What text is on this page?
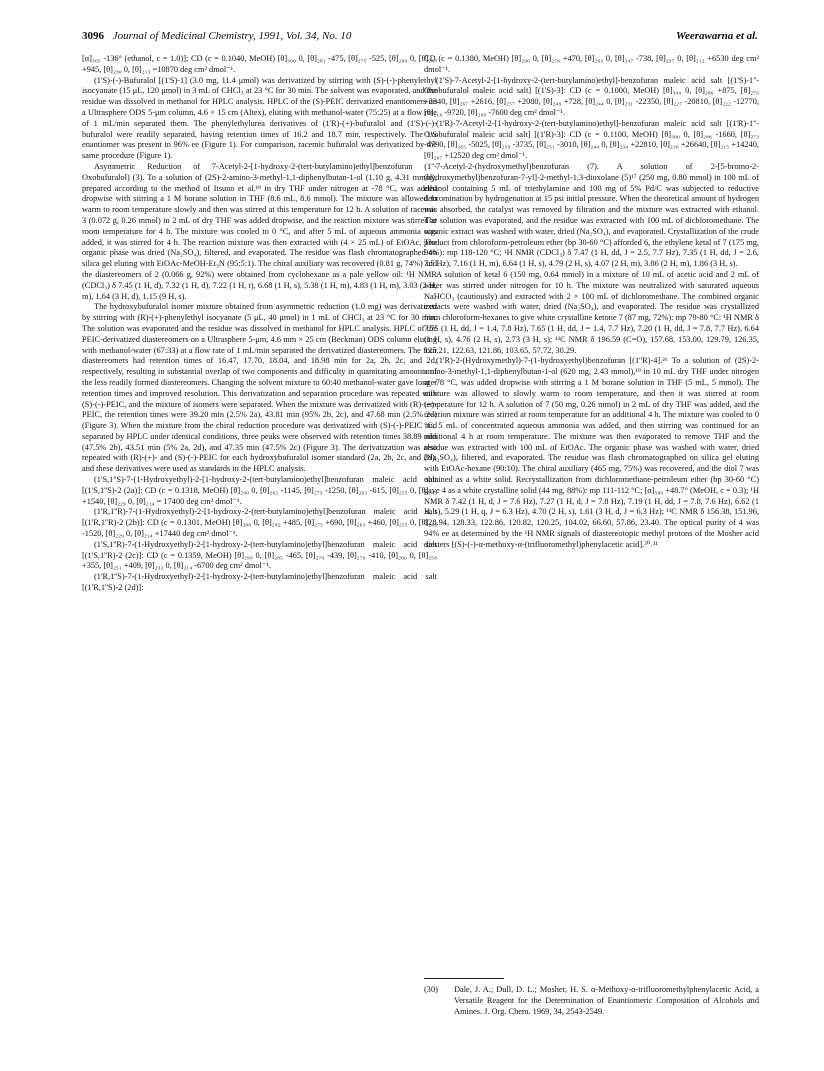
3096 Journal of Medicinal Chemistry, 1991, Vol. 34, No. 10	Weerawarna et al.

[α]₃₆₅ -136° (ethanol, c = 1.0)]; CD (c = 0.1040, MeOH) [θ]₃₀₀ 0, [θ]₂₈₁ -475, [θ]₂₇₅ -525, [θ]₂₆₀ 0, [θ]₂₄₃ +945, [θ]₂₃₀ 0, [θ]₂₁₃ =10870 deg cm² dmol⁻¹.

(1'S)-(-)-Bufuralol [(1'S)-1] (3.0 mg, 11.4 μmol) was derivatized by stirring with (S)-(-)-phenylethyl isocyanate (15 μL, 120 μmol) in 3 mL of CHCl₃ at 23 °C for 30 min. The solvent was evaporated, and the residue was dissolved in methanol for HPLC analysis. HPLC of the (S)-PEIC derivatized enantiomers on a Ultrasphere ODS 5-μm column, 4.6 × 15 cm (Altex), eluting with methanol-water (75:25) at a flow rate of 1 mL/min separated them. The phenylethylurea derivatives of (1'R)-(+)-bufuralol and (1'S)-(-)-bufuralol were readily separated, having retention times of 16.2 and 18.7 min, respectively. The 1'S enantiomer was present in 96% ee (Figure 1). For comparison, racemic bufuralol was derivatized by the same procedure (Figure 1).

Asymmetric Reduction of 7-Acetyl-2-[1-hydroxy-2-(tert-butylamino)ethyl]benzofuran (1''-Oxobufuralol) (3). To a solution of (2S)-2-amino-3-methyl-1,1-diphenylbutan-1-ol (1.10 g, 4.31 mmol), prepared according to the method of Itsuno et al.¹⁹ in dry THF under nitrogen at -78 °C, was added dropwise with stirring a 1 M borane solution in THF (8.6 mL, 8.6 mmol). The mixture was allowed to warm to room temperature slowly and then was stirred at this temperature for 12 h. A solution of racemic 3 (0.072 g, 0.26 mmol) in 2 mL of dry THF was added dropwise, and the reaction mixture was stirred at room temperature for 4 h. The mixture was cooled to 0 °C, and after 5 mL of aqueous ammonia was added, it was stirred for 4 h. The reaction mixture was then extracted with (4 × 25 mL) of EtOAc. The organic phase was dried (Na₂SO₄), filtered, and evaporated. The residue was flash chromatographed on silica gel eluting with EtOAc-MeOH-Et₃N (95:5:1). The chiral auxiliary was recovered (0.81 g, 74%) and the diastereomers of 2 (0.066 g, 92%) were obtained from cyclohexane as a pale yellow oil: ¹H NMR (CDCl₃) δ 7.45 (1 H, d), 7.32 (1 H, d), 7.22 (1 H, t), 6.68 (1 H, s), 5.38 (1 H, m), 4.83 (1 H, m), 3.03 (2 H, m), 1.64 (3 H, d), 1.15 (9 H, s).

The hydroxybufuralol isomer mixture obtained from asymmetric reduction (1.0 mg) was derivatized by stirring with (R)-(+)-phenylethyl isocyanate (5 μL, 40 μmol) in 1 mL of CHCl₃ at 23 °C for 30 min. The solution was evaporated and the residue was dissolved in methanol for HPLC analysis. HPLC of the PEIC-derivatized diastereomers on a Ultrasphere 5-μm, 4.6 mm × 25 cm (Beckman) ODS column eluting with methanol-water (67:33) at a flow rate of 1 mL/min separated the derivatized diastereomers. The four diastereomers had retention times of 16.47, 17.70, 18.04, and 18.98 min for 2a, 2b, 2c, and 2d, respectively, resulting in substantial overlap of two components and difficulty in quantitating amounts of the less readily formed diastereomers. Changing the solvent mixture to 60:40 methanol-water gave longer retention times and improved resolution. This derivatization and separation procedure was repeated with (S)-(-)-PEIC, and the mixture of isomers were separated. When the mixture was derivatized with (R)-(+)-PEIC, the retention times were 39.20 min (2.5% 2a), 43.81 min (95% 2b, 2c), and 47.68 min (2.5% 2d) (Figure 3). When the mixture from the chiral reduction procedure was derivatized with (S)-(-)-PEIC and separated by HPLC under identical conditions, three peaks were observed with retention times 38.89 min (47.5% 2b), 43.51 min (5% 2a, 2d), and 47.35 min (47.5% 2c) (Figure 3). The derivatization was also repeated with (R)-(+)- and (S)-(-)-PEIC for each hydroxybufuralol isomer standard (2a, 2b, 2c, and 2d), and these derivatives were used as standards in the HPLC analysis.

(1'S,1''S)-7-(1-Hydroxyethyl)-2-[1-hydroxy-2-(tert-butylamino)ethyl]benzofuran maleic acid salt [(1'S,1''S)-2 (2a)]: CD (c = 0.1318, MeOH) [θ]₂₉₀ 0, [θ]₂₈₂ -1145, [θ]₂₇₃ -1250, [θ]₂₆₃ -615, [θ]₂₅₅ 0, [θ]₂₄₃ +1540, [θ]₂₂₉ 0, [θ]₂₁₄ = 17400 deg cm² dmol⁻¹.

(1'R,1''R)-7-(1-Hydroxyethyl)-2-[1-hydroxy-2-(tert-butylamino)ethyl]benzofuran maleic acid salt [(1'R,1''R)-2 (2b)]: CD (c = 0.1301, MeOH) [θ]₃₀₀ 0, [θ]₂₈₂ +485, [θ]₂₇₅ +690, [θ]₂₆₃ +460, [θ]₂₅₅ 0, [θ]₂₄₃ -1520, [θ]₂₂₉ 0, [θ]₂₁₄ +17440 deg cm² dmol⁻¹.

(1'S,1''R)-7-(1-Hydroxyethyl)-2-[1-hydroxy-2-(tert-butylamino)ethyl]benzofuran maleic acid salt [(1'S,1''R)-2 (2c)]: CD (c = 0.1359, MeOH) [θ]₂₉₀ 0, [θ]₂₈₅ -465, [θ]₂₇₉ -439, [θ]₂₇₀ -410, [θ]₂₆₀ 0, [θ]₂₅₈ +355, [θ]₂₅₁ +409, [θ]₂₃₂ 0, [θ]₂₁₄ -6700 deg cm² dmol⁻¹.

(1'R,1''S)-7-(1-Hydroxyethyl)-2-[1-hydroxy-2-(tert-butylamino)ethyl]benzofuran maleic acid salt [(1'R,1''S)-2 (2d)]:

CD (c = 0.1380, MeOH) [θ]₂₉₀ 0, [θ]₂₇₆ +470, [θ]₂₆₃ 0, [θ]₂₄₇ -738, [θ]₂₃₇ 0, [θ]₂₁₂ +6530 deg cm² dmol⁻¹.

(1'S)-7-Acetyl-2-[1-hydroxy-2-(tert-butylamino)ethyl]-benzofuran maleic acid salt [(1'S)-1''-Oxobufuralol maleic acid salt] [(1'S)-3]: CD (c = 0.1000, MeOH) [θ]₃₀₀ 0, [θ]₂₈₆ +875, [θ]₂₇₆ +2340, [θ]₂₆₇ +2616, [θ]₂₅₇ +2080, [θ]₂₄₉ +728, [θ]₂₄₄ 0, [θ]₂₃₁ -22350, [θ]₂₂₇ -20810, [θ]₂₂₂ -12770, [θ]₂₁₈ -9720, [θ]₂₀₉ -7600 deg cm² dmol⁻¹.

(1'R)-7-Acetyl-2-[1-hydroxy-2-(tert-butylamino)ethyl]-benzofuran maleic acid salt [(1'R)-1''-Oxobufuralol maleic acid salt] [(1'R)-3]: CD (c = 0.1100, MeOH) [θ]₃₀₀ 0, [θ]₂₈₈ -1660, [θ]₂₇₃ -4790, [θ]₂₆₅ -5025, [θ]₂₅₉ -3735, [θ]₂₅₁ -3010, [θ]₂₄₄ 0, [θ]₂₃₄ +22810, [θ]₂₂₆ +26640, [θ]₂₁₅ +14240, [θ]₂₀₇ +12520 deg cm² dmol⁻¹.

7-Acetyl-2-(hydroxymethyl)benzofuran (7). A solution of 2-[5-bromo-2-(hydroxymethyl)benzofuran-7-yl]-2-methyl-1,3-dioxolane (5)¹⁷ (250 mg, 0.80 mmol) in 100 mL of ethanol containing 5 mL of triethylamine and 100 mg of 5% Pd/C was subjected to reductive debromination by hydrogenation at 15 psi initial pressure. When the theoretical amount of hydrogen was absorbed, the catalyst was removed by filtration and the mixture was extracted with ethanol. The solution was evaporated, and the residue was extracted with 100 mL of dichloromethane. The organic extract was washed with water, dried (Na₂SO₄), and evaporated. Crystallization of the crude product from chloroform-petroleum ether (bp 30-60 °C) afforded 6, the ethylene ketal of 7 (175 mg, 94%): mp 118-120 °C; ¹H NMR (CDCl₃) δ 7.47 (1 H, dd, J = 2.5, 7.7 Hz), 7.35 (1 H, dd, J = 2.6, 7.5 Hz), 7.16 (1 H, m), 6.64 (1 H, s), 4.79 (2 H, s), 4.07 (2 H, m), 3.86 (2 H, m), 1.86 (3 H, s).

A solution of ketal 6 (150 mg, 0.64 mmol) in a mixture of 10 mL of acetic acid and 2 mL of water was stirred under nitrogen for 10 h. The mixture was neutralized with saturated aqueous NaHCO₃ (cautiously) and extracted with 2 × 100 mL of dichloromethane. The combined organic extracts were washed with water, dried (Na₂SO₄), and evaporated. The residue was crystallized from chloroform-hexanes to give white crystalline ketone 7 (87 mg, 72%): mp 79-80 °C: ¹H NMR δ 7.75 (1 H, dd, J = 1.4, 7.8 Hz), 7.65 (1 H, dd, J = 1.4, 7.7 Hz), 7.20 (1 H, dd, J = 7.8, 7.7 Hz), 6.64 (1 H, s), 4.76 (2 H, s), 2.73 (3 H, s); ¹³C NMR δ 196.59 (C=O), 157.68, 153.00, 129.79, 126.35, 125.21, 122.63, 121.86, 103.65, 57.72, 30.29.

(1'R)-2-(Hydroxymethyl)-7-(1-hydroxyethyl)benzofuran [(1''R)-4].²⁶ To a solution of (2S)-2-amino-3-methyl-1,1-diphenylbutan-1-ol (620 mg, 2.43 mmol),¹⁹ in 10 mL dry THF under nitrogen at -78 °C, was added dropwise with stirring a 1 M borane solution in THF (5 mL, 5 mmol). The mixture was allowed to slowly warm to room temperature, and then it was stirred at room temperature for 12 h. A solution of 7 (50 mg, 0.26 mmol) in 2 mL of dry THF was added, and the reaction mixture was stirred at room temperature for an additional 4 h. The mixture was cooled to 0 °C, 5 mL of concentrated aqueous ammonia was added, and then stirring was continued for an additional 4 h at room temperature. The mixture was then evaporated to remove THF and the residue was extracted with 100 mL of EtOAc. The organic phase was washed with water, dried (Na₂SO₄), filtered, and evaporated. The residue was flash chromatographed on silica gel eluting with EtOAc-hexane (90:10). The chiral auxiliary (465 mg, 75%) was recovered, and the diol 7 was obtained as a white solid. Recrystallization from dichloromethane-petroleum ether (bp 30-60 °C) gave 4 as a white crystalline solid (44 mg, 88%): mp 111-112 °C; [α]₅₈₉ +48.7° (MeOH, c = 0.3); ¹H NMR δ 7.42 (1 H, d, J = 7.6 Hz), 7.27 (1 H, d, J = 7.8 Hz), 7.19 (1 H, dd, J = 7.8, 7.6 Hz), 6.62 (1 H, s), 5.29 (1 H, q, J = 6.3 Hz), 4.70 (2 H, s), 1.61 (3 H, d, J = 6.3 Hz); ¹³C NMR δ 156.38, 151.96, 128.94, 128.33, 122.86, 120.82, 120.25, 104.02, 66.60, 57.86, 23.40. The optical purity of 4 was 94% ee as determined by the ¹H NMR signals of diastereotopic methyl protons of the Mosher acid diesters [(S)-(-)-α-methoxy-α-(trifluoromethyl)phenylacetic acid].³⁰˒³¹

(30) Dale, J. A.; Dull, D. L.; Mosher, H. S. α-Methoxy-α-trifluoromethylphenylacetic Acid, a Versatile Reagent for the Determination of Enantiomeric Composition of Alcohols and Amines. J. Org. Chem. 1969, 34, 2543-2549.
